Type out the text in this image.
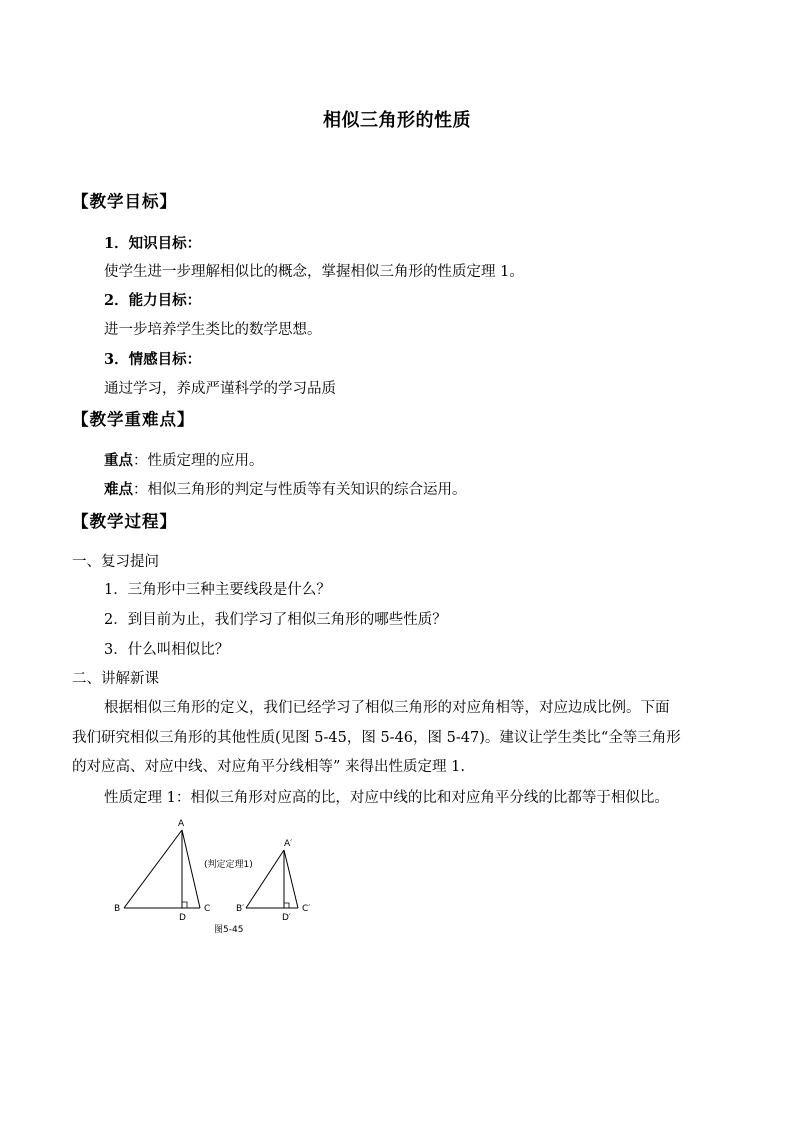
相似三角形的性质
【教学目标】
1．知识目标：
使学生进一步理解相似比的概念，掌握相似三角形的性质定理 1。
2．能力目标：
进一步培养学生类比的数学思想。
3．情感目标：
通过学习，养成严谨科学的学习品质
【教学重难点】
重点：性质定理的应用。
难点：相似三角形的判定与性质等有关知识的综合运用。
【教学过程】
一、复习提问
1．三角形中三种主要线段是什么？
2．到目前为止，我们学习了相似三角形的哪些性质？
3．什么叫相似比？
二、讲解新课
根据相似三角形的定义，我们已经学习了相似三角形的对应角相等，对应边成比例。下面
我们研究相似三角形的其他性质(见图 5-45，图 5-46，图 5-47)。建议让学生类比“全等三角形
的对应高、对应中线、对应角平分线相等” 来得出性质定理 1.
性质定理 1：相似三角形对应高的比，对应中线的比和对应角平分线的比都等于相似比。
A
B	C
D
(判定定理1)
A′
B′	C′
D′
图5-45
